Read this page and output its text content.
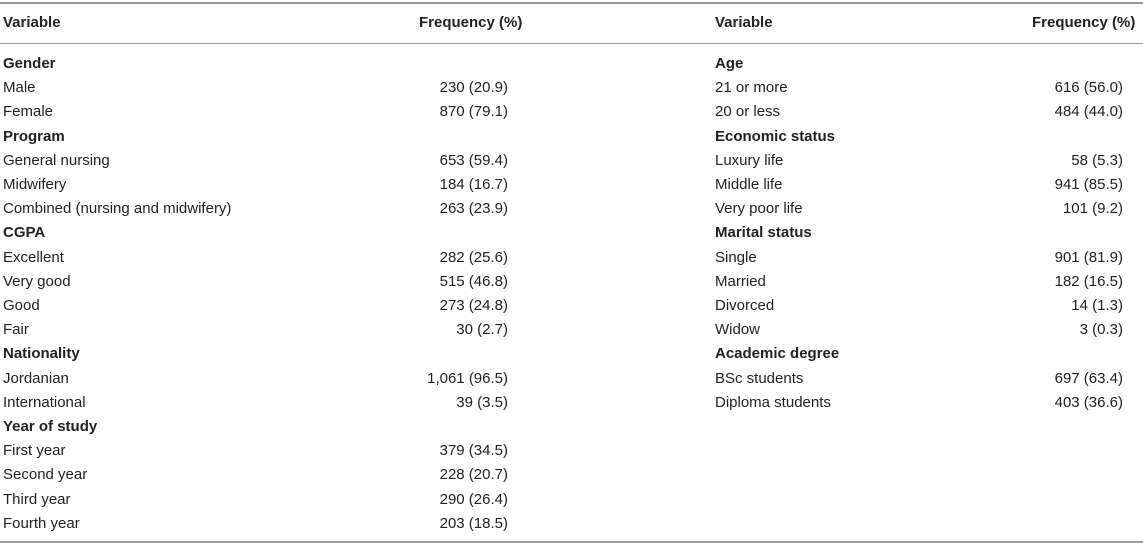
Variable	Frequency (%)	Variable	Frequency (%)
Gender
Male	230 (20.9)
Female	870 (79.1)
Program
General nursing	653 (59.4)
Midwifery	184 (16.7)
Combined (nursing and midwifery)	263 (23.9)
CGPA
Excellent	282 (25.6)
Very good	515 (46.8)
Good	273 (24.8)
Fair	30 (2.7)
Nationality
Jordanian	1,061 (96.5)
International	39 (3.5)
Year of study
First year	379 (34.5)
Second year	228 (20.7)
Third year	290 (26.4)
Fourth year	203 (18.5)
Age
21 or more	616 (56.0)
20 or less	484 (44.0)
Economic status
Luxury life	58 (5.3)
Middle life	941 (85.5)
Very poor life	101 (9.2)
Marital status
Single	901 (81.9)
Married	182 (16.5)
Divorced	14 (1.3)
Widow	3 (0.3)
Academic degree
BSc students	697 (63.4)
Diploma students	403 (36.6)
